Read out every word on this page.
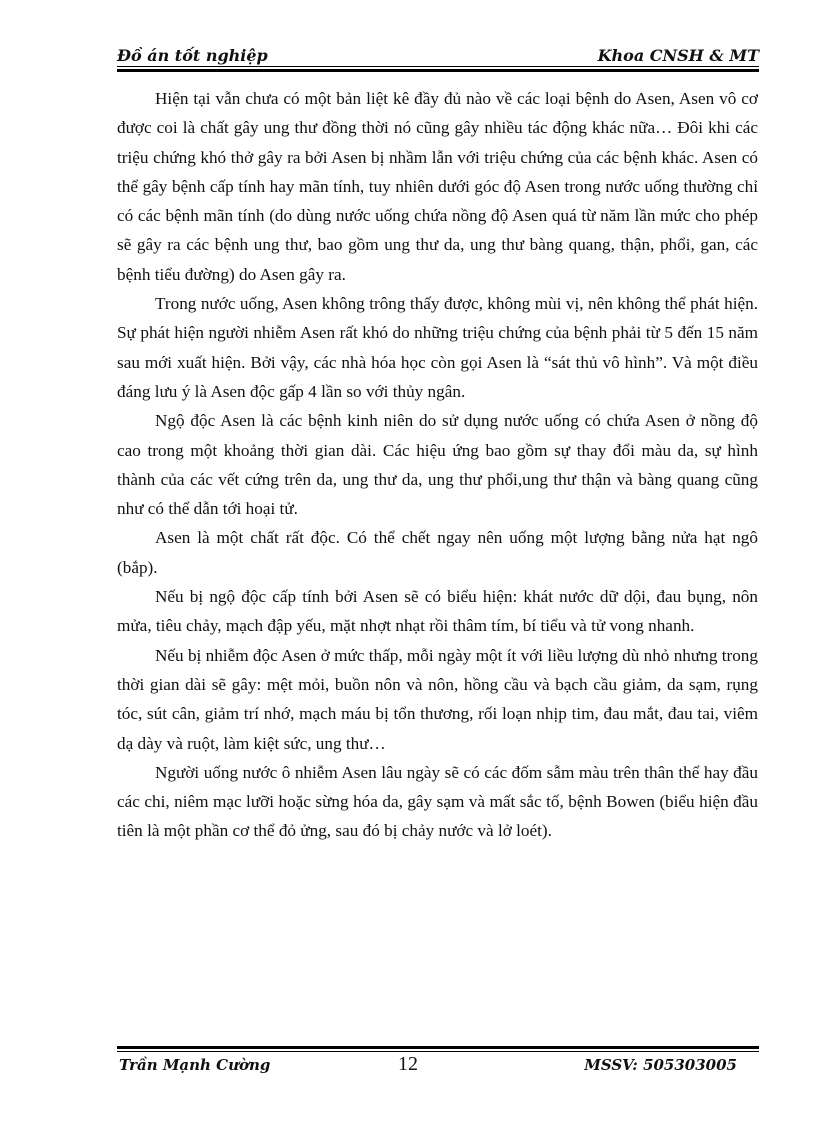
Đồ án tốt nghiệp	Khoa CNSH & MT

Hiện tại vẫn chưa có một bản liệt kê đầy đủ nào về các loại bệnh do Asen, Asen vô cơ được coi là chất gây ung thư đồng thời nó cũng gây nhiều tác động khác nữa… Đôi khi các triệu chứng khó thở gây ra bởi Asen bị nhầm lẫn với triệu chứng của các bệnh khác. Asen có thể gây bệnh cấp tính hay mãn tính, tuy nhiên dưới góc độ Asen trong nước uống thường chỉ có các bệnh mãn tính (do dùng nước uống chứa nồng độ Asen quá từ năm lần mức cho phép sẽ gây ra các bệnh ung thư, bao gồm ung thư da, ung thư bàng quang, thận, phổi, gan, các bệnh tiểu đường) do Asen gây ra.

Trong nước uống, Asen không trông thấy được, không mùi vị, nên không thể phát hiện. Sự phát hiện người nhiễm Asen rất khó do những triệu chứng của bệnh phải từ 5 đến 15 năm sau mới xuất hiện. Bởi vậy, các nhà hóa học còn gọi Asen là “sát thủ vô hình”. Và một điều đáng lưu ý là Asen độc gấp 4 lần so với thủy ngân.

Ngộ độc Asen là các bệnh kinh niên do sử dụng nước uống có chứa Asen ở nồng độ cao trong một khoảng thời gian dài. Các hiệu ứng bao gồm sự thay đổi màu da, sự hình thành của các vết cứng trên da, ung thư da, ung thư phổi,ung thư thận và bàng quang cũng như có thể dẫn tới hoại tử.

Asen là một chất rất độc. Có thể chết ngay nên uống một lượng bằng nửa hạt ngô (bắp).

Nếu bị ngộ độc cấp tính bởi Asen sẽ có biểu hiện: khát nước dữ dội, đau bụng, nôn mửa, tiêu chảy, mạch đập yếu, mặt nhợt nhạt rồi thâm tím, bí tiểu và tử vong nhanh.

Nếu bị nhiễm độc Asen ở mức thấp, mỗi ngày một ít với liều lượng dù nhỏ nhưng trong thời gian dài sẽ gây: mệt mỏi, buồn nôn và nôn, hồng cầu và bạch cầu giảm, da sạm, rụng tóc, sút cân, giảm trí nhớ, mạch máu bị tổn thương, rối loạn nhịp tim, đau mắt, đau tai, viêm dạ dày và ruột, làm kiệt sức, ung thư…

Người uống nước ô nhiễm Asen lâu ngày sẽ có các đốm sẫm màu trên thân thể hay đầu các chi, niêm mạc lưỡi hoặc sừng hóa da, gây sạm và mất sắc tố, bệnh Bowen (biểu hiện đầu tiên là một phần cơ thể đỏ ửng, sau đó bị chảy nước và lở loét).

Trần Mạnh Cường	12	MSSV: 505303005
